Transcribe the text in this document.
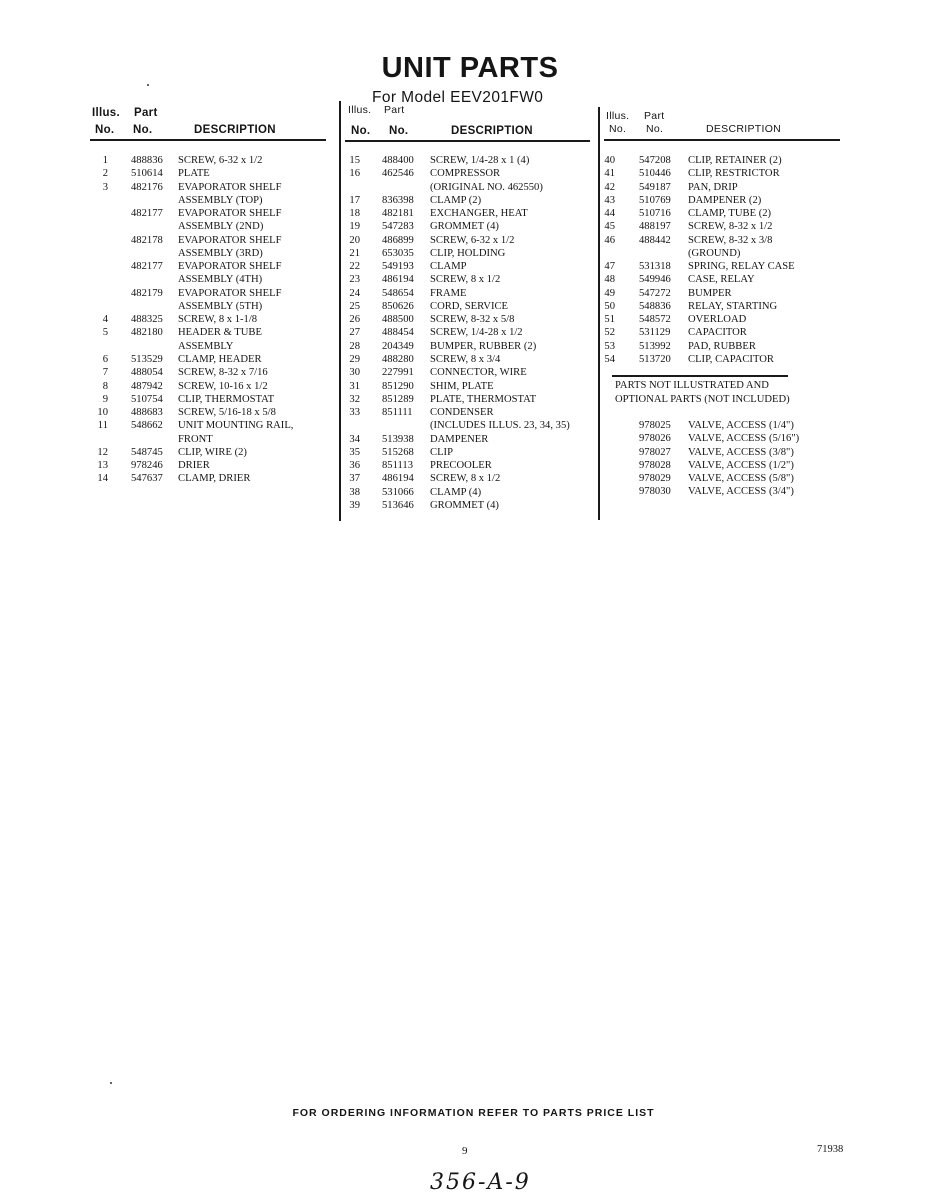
UNIT PARTS
For Model EEV201FW0
Illus. Part
No. No.	DESCRIPTION
Illus. Part
No. No.	DESCRIPTION
Illus. Part
No. No.	DESCRIPTION
1 488836 SCREW, 6-32 x 1/2
2 510614 PLATE
3 482176 EVAPORATOR SHELF
ASSEMBLY (TOP)
482177 EVAPORATOR SHELF
ASSEMBLY (2ND)
482178 EVAPORATOR SHELF
ASSEMBLY (3RD)
482177 EVAPORATOR SHELF
ASSEMBLY (4TH)
482179 EVAPORATOR SHELF
ASSEMBLY (5TH)
4 488325 SCREW, 8 x 1-1/8
5 482180 HEADER & TUBE
ASSEMBLY
6 513529 CLAMP, HEADER
7 488054 SCREW, 8-32 x 7/16
8 487942 SCREW, 10-16 x 1/2
9 510754 CLIP, THERMOSTAT
10 488683 SCREW, 5/16-18 x 5/8
11 548662 UNIT MOUNTING RAIL,
FRONT
12 548745 CLIP, WIRE (2)
13 978246 DRIER
14 547637 CLAMP, DRIER
15 488400 SCREW, 1/4-28 x 1 (4)
16 462546 COMPRESSOR
(ORIGINAL NO. 462550)
17 836398 CLAMP (2)
18 482181 EXCHANGER, HEAT
19 547283 GROMMET (4)
20 486899 SCREW, 6-32 x 1/2
21 653035 CLIP, HOLDING
22 549193 CLAMP
23 486194 SCREW, 8 x 1/2
24 548654 FRAME
25 850626 CORD, SERVICE
26 488500 SCREW, 8-32 x 5/8
27 488454 SCREW, 1/4-28 x 1/2
28 204349 BUMPER, RUBBER (2)
29 488280 SCREW, 8 x 3/4
30 227991 CONNECTOR, WIRE
31 851290 SHIM, PLATE
32 851289 PLATE, THERMOSTAT
33 851111 CONDENSER
(INCLUDES ILLUS. 23, 34, 35)
34 513938 DAMPENER
35 515268 CLIP
36 851113 PRECOOLER
37 486194 SCREW, 8 x 1/2
38 531066 CLAMP (4)
39 513646 GROMMET (4)
40 547208 CLIP, RETAINER (2)
41 510446 CLIP, RESTRICTOR
42 549187 PAN, DRIP
43 510769 DAMPENER (2)
44 510716 CLAMP, TUBE (2)
45 488197 SCREW, 8-32 x 1/2
46 488442 SCREW, 8-32 x 3/8
(GROUND)
47 531318 SPRING, RELAY CASE
48 549946 CASE, RELAY
49 547272 BUMPER
50 548836 RELAY, STARTING
51 548572 OVERLOAD
52 531129 CAPACITOR
53 513992 PAD, RUBBER
54 513720 CLIP, CAPACITOR
PARTS NOT ILLUSTRATED AND
OPTIONAL PARTS (NOT INCLUDED)
978025 VALVE, ACCESS (1/4")
978026 VALVE, ACCESS (5/16")
978027 VALVE, ACCESS (3/8")
978028 VALVE, ACCESS (1/2")
978029 VALVE, ACCESS (5/8")
978030 VALVE, ACCESS (3/4")
FOR ORDERING INFORMATION REFER TO PARTS PRICE LIST
9	71938
356-A-9
